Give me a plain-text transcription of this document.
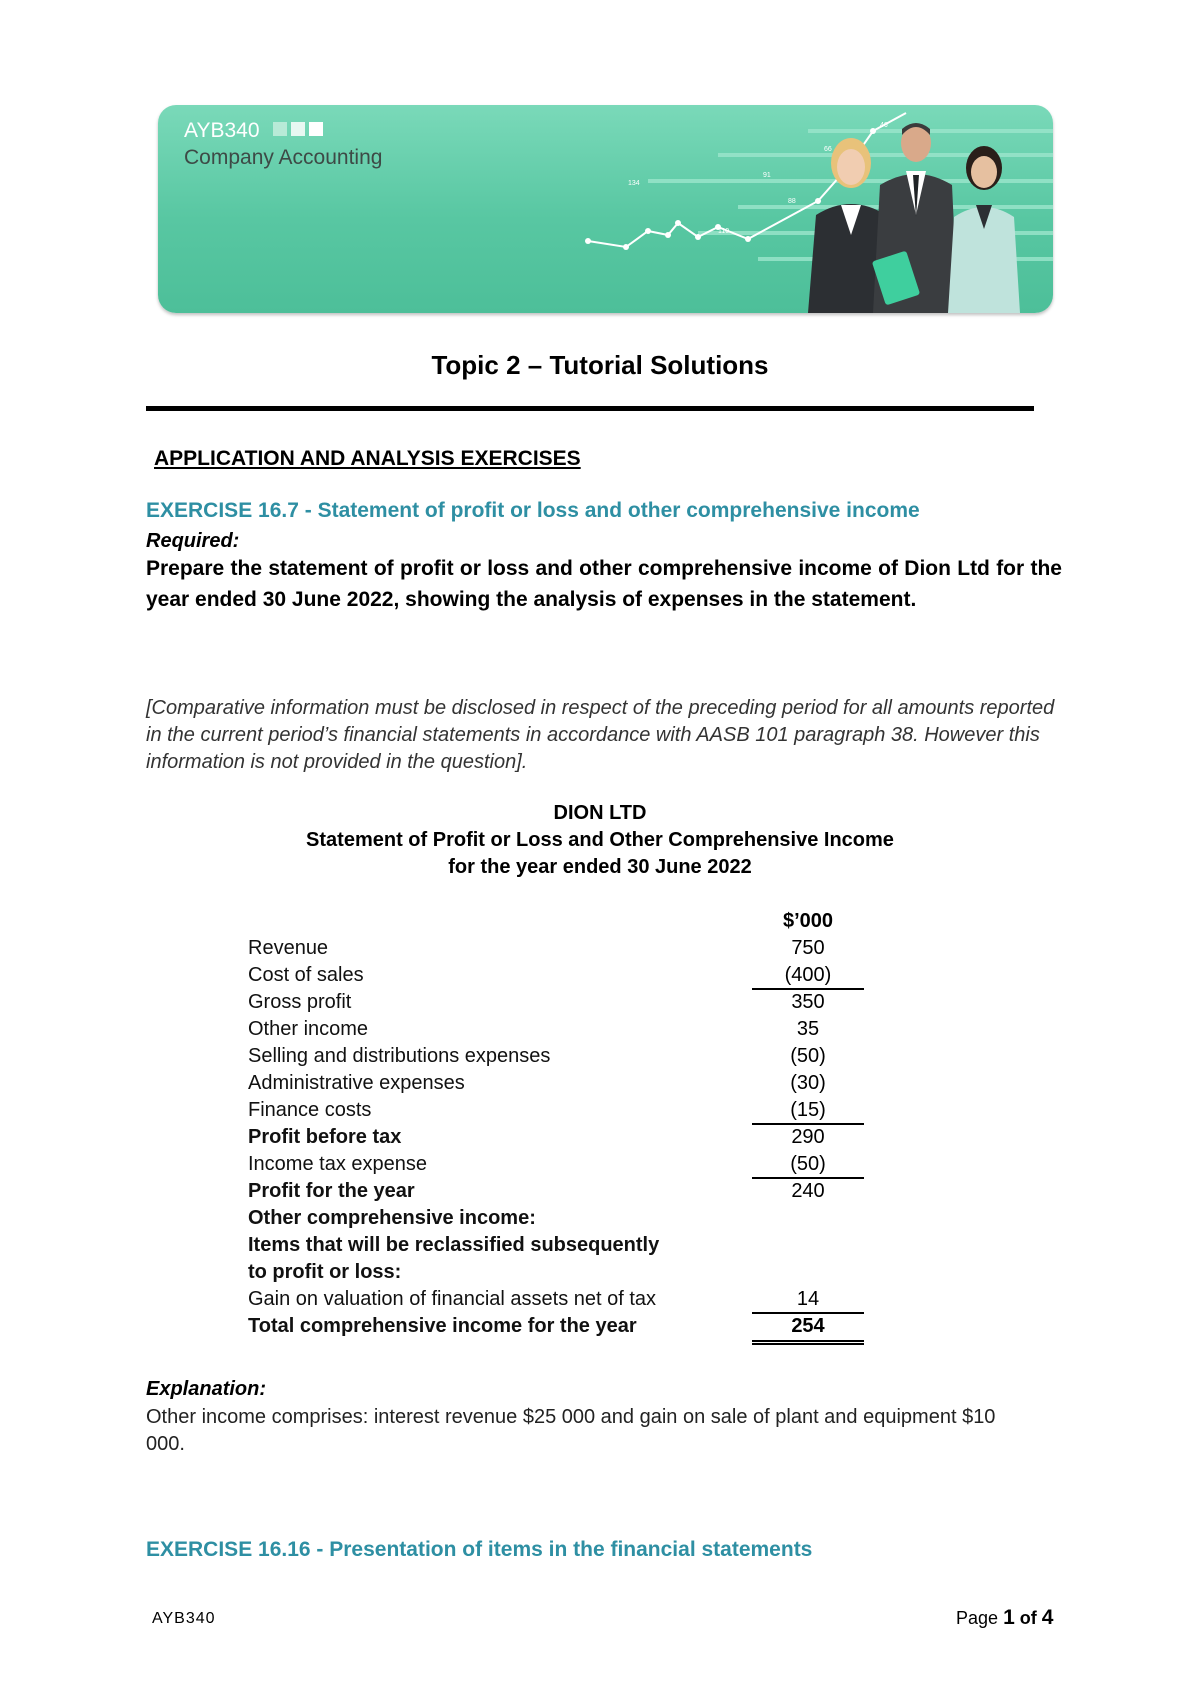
46
66
91
134
88
110
AYB340
Company Accounting
Topic 2 – Tutorial Solutions
APPLICATION AND ANALYSIS EXERCISES
EXERCISE 16.7 - Statement of profit or loss and other comprehensive income
Required:
Prepare the statement of profit or loss and other comprehensive income of Dion Ltd for the year ended 30 June 2022, showing the analysis of expenses in the statement.
[Comparative information must be disclosed in respect of the preceding period for all amounts reported in the current period’s financial statements in accordance with AASB 101 paragraph 38. However this information is not provided in the question].
DION LTD
Statement of Profit or Loss and Other Comprehensive Income
for the year ended 30 June 2022
$’000
Revenue	750
Cost of sales	(400)
Gross profit	350
Other income	35
Selling and distributions expenses	(50)
Administrative expenses	(30)
Finance costs	(15)
Profit before tax	290
Income tax expense	(50)
Profit for the year	240
Other comprehensive income:
Items that will be reclassified subsequently
to profit or loss:
Gain on valuation of financial assets net of tax	14
Total comprehensive income for the year	254
Explanation:
Other income comprises: interest revenue $25 000 and gain on sale of plant and equipment $10 000.
EXERCISE 16.16 - Presentation of items in the financial statements
AYB340	Page 1 of 4
